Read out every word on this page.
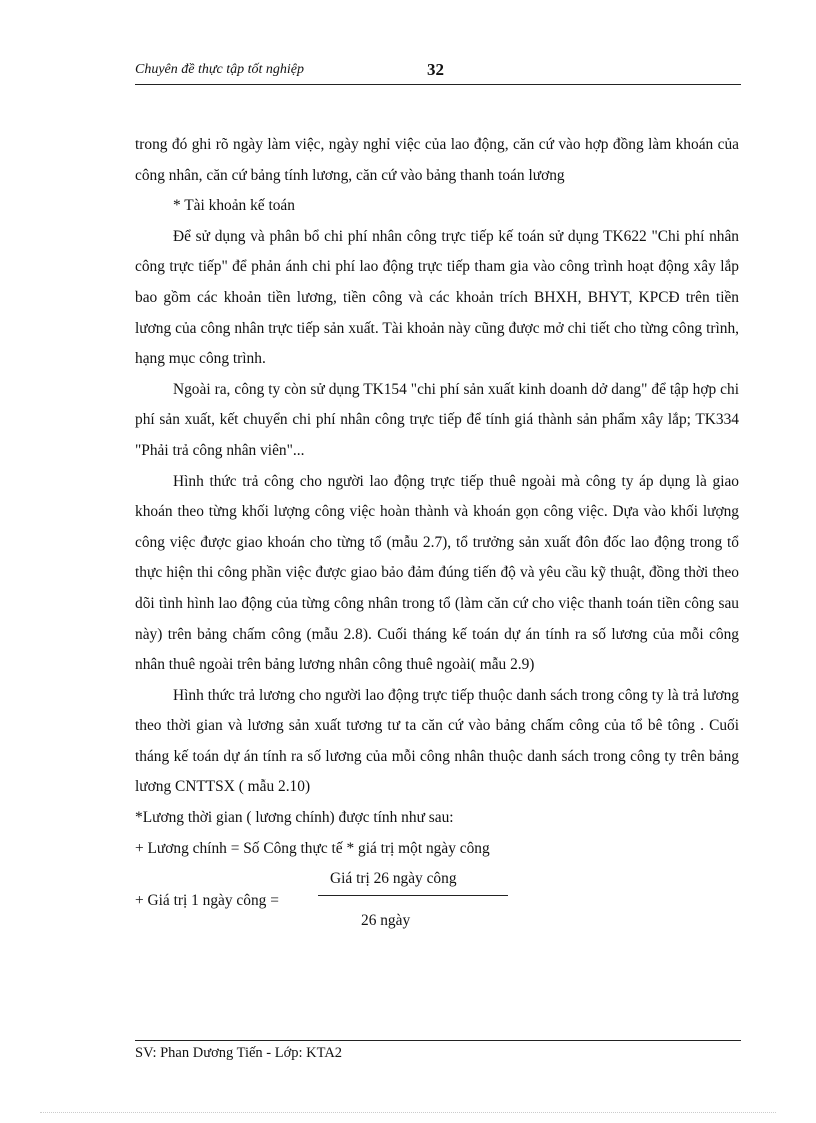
Chuyên đề thực tập tốt nghiệp	32

trong đó ghi rõ ngày làm việc, ngày nghỉ việc của lao động, căn cứ vào hợp đồng làm khoán của công nhân, căn cứ bảng tính lương, căn cứ vào bảng thanh toán lương

* Tài khoản kế toán

Để sử dụng và phân bổ chi phí nhân công trực tiếp kế toán sử dụng TK622 "Chi phí nhân công trực tiếp" để phản ánh chi phí lao động trực tiếp tham gia vào công trình hoạt động xây lắp bao gồm các khoản tiền lương, tiền công và các khoản trích BHXH, BHYT, KPCĐ trên tiền lương của công nhân trực tiếp sản xuất. Tài khoản này cũng được mở chi tiết cho từng công trình, hạng mục công trình.

Ngoài ra, công ty còn sử dụng TK154 "chi phí sản xuất kinh doanh dở dang" để tập hợp chi phí sản xuất, kết chuyển chi phí nhân công trực tiếp để tính giá thành sản phẩm xây lắp; TK334 "Phải trả công nhân viên"...

Hình thức trả công cho người lao động trực tiếp thuê ngoài mà công ty áp dụng là giao khoán theo từng khối lượng công việc hoàn thành và khoán gọn công việc. Dựa vào khối lượng công việc được giao khoán cho từng tổ (mẫu 2.7), tổ trưởng sản xuất đôn đốc lao động trong tổ thực hiện thi công phần việc được giao bảo đảm đúng tiến độ và yêu cầu kỹ thuật, đồng thời theo dõi tình hình lao động của từng công nhân trong tổ (làm căn cứ cho việc thanh toán tiền công sau này) trên bảng chấm công (mẫu 2.8). Cuối tháng kế toán dự án tính ra số lương của mỗi công nhân thuê ngoài trên bảng lương nhân công thuê ngoài( mẫu 2.9)

Hình thức trả lương cho người lao động trực tiếp thuộc danh sách trong công ty là trả lương theo thời gian và lương sản xuất tương tư ta căn cứ vào bảng chấm công của tổ bê tông . Cuối tháng kế toán dự án tính ra số lương của mỗi công nhân thuộc danh sách trong công ty trên bảng lương CNTTSX ( mẫu 2.10)

*Lương thời gian ( lương chính) được tính như sau:

+ Lương chính = Số Công thực tế * giá trị một ngày công

+ Giá trị 1 ngày công =
Giá trị 26 ngày công
26 ngày
SV: Phan Dương Tiến - Lớp: KTA2
